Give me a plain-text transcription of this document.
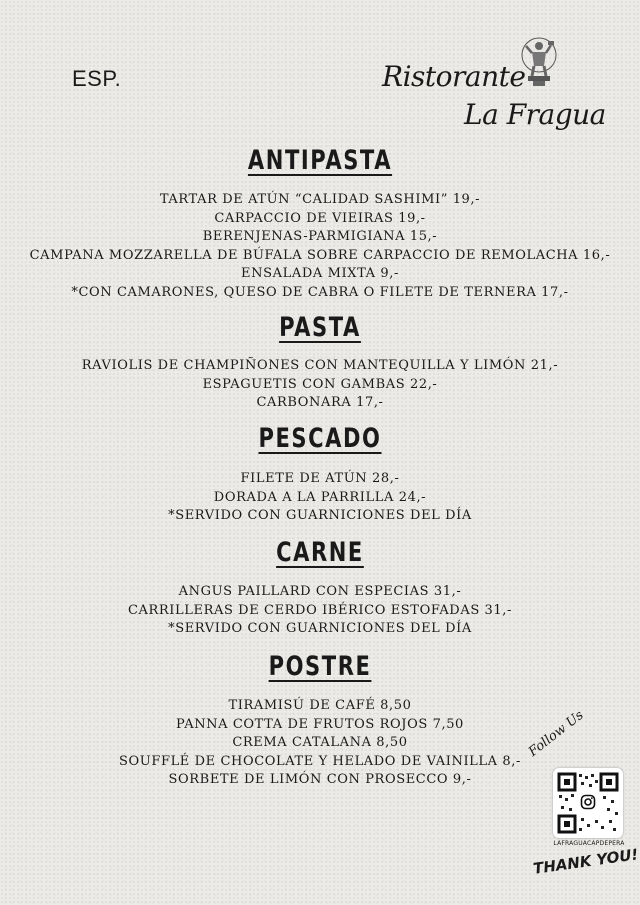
ESP.	Ristorante
La Fragua
ANTIPASTA
TARTAR DE ATÚN “CALIDAD SASHIMI” 19,-
CARPACCIO DE VIEIRAS 19,-
BERENJENAS-PARMIGIANA 15,-
CAMPANA MOZZARELLA DE BÚFALA SOBRE CARPACCIO DE REMOLACHA 16,-
ENSALADA MIXTA 9,-
*CON CAMARONES, QUESO DE CABRA O FILETE DE TERNERA 17,-
PASTA
RAVIOLIS DE CHAMPIÑONES CON MANTEQUILLA Y LIMÓN 21,-
ESPAGUETIS CON GAMBAS 22,-
CARBONARA 17,-
PESCADO
FILETE DE ATÚN 28,-
DORADA A LA PARRILLA 24,-
*SERVIDO CON GUARNICIONES DEL DÍA
CARNE
ANGUS PAILLARD CON ESPECIAS 31,-
CARRILLERAS DE CERDO IBÉRICO ESTOFADAS 31,-
*SERVIDO CON GUARNICIONES DEL DÍA
POSTRE
TIRAMISÚ DE CAFÉ 8,50
PANNA COTTA DE FRUTOS ROJOS 7,50
CREMA CATALANA 8,50
SOUFFLÉ DE CHOCOLATE Y HELADO DE VAINILLA 8,-
SORBETE DE LIMÓN CON PROSECCO 9,-
Follow Us
LAFRAGUACAPDEPERA
THANK YOU!
